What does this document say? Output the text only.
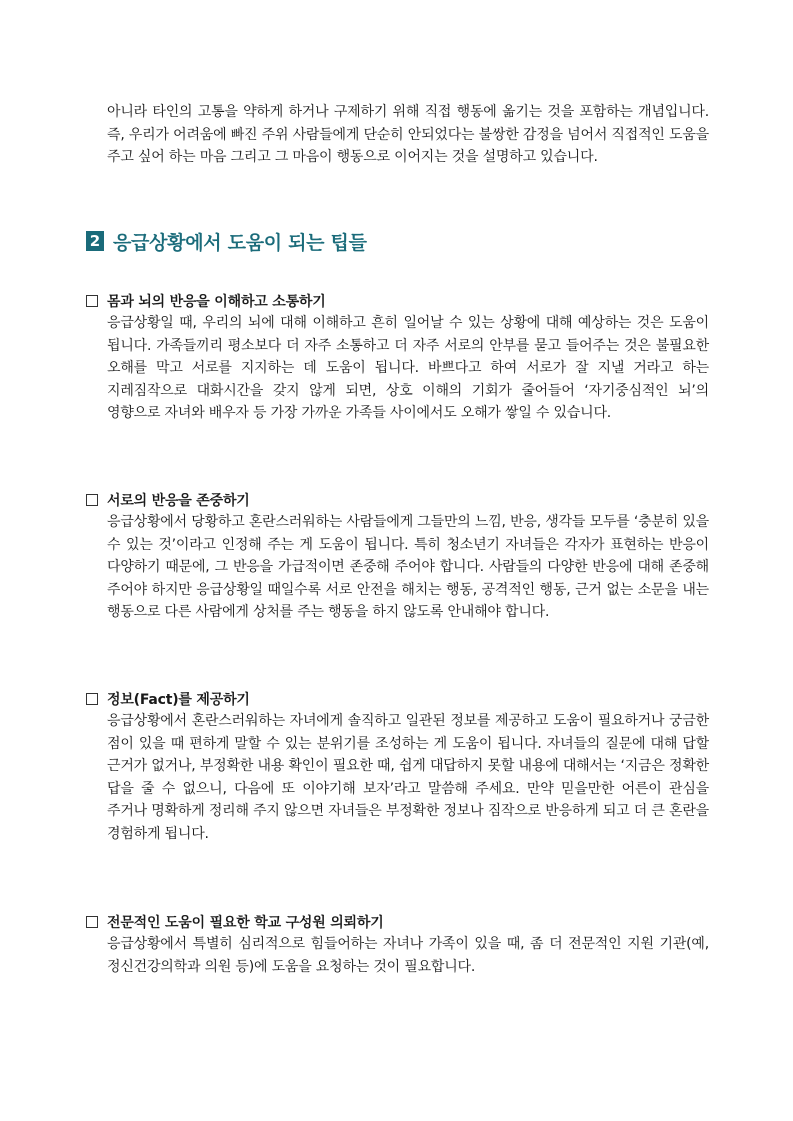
아니라 타인의 고통을 약하게 하거나 구제하기 위해 직접 행동에 옮기는 것을 포함하는 개념입니다. 즉, 우리가 어려움에 빠진 주위 사람들에게 단순히 안되었다는 불쌍한 감정을 넘어서 직접적인 도움을 주고 싶어 하는 마음 그리고 그 마음이 행동으로 이어지는 것을 설명하고 있습니다.

2 응급상황에서 도움이 되는 팁들
몸과 뇌의 반응을 이해하고 소통하기

응급상황일 때, 우리의 뇌에 대해 이해하고 흔히 일어날 수 있는 상황에 대해 예상하는 것은 도움이 됩니다. 가족들끼리 평소보다 더 자주 소통하고 더 자주 서로의 안부를 묻고 들어주는 것은 불필요한 오해를 막고 서로를 지지하는 데 도움이 됩니다. 바쁘다고 하여 서로가 잘 지낼 거라고 하는 지레짐작으로 대화시간을 갖지 않게 되면, 상호 이해의 기회가 줄어들어 ‘자기중심적인 뇌’의 영향으로 자녀와 배우자 등 가장 가까운 가족들 사이에서도 오해가 쌓일 수 있습니다.

서로의 반응을 존중하기

응급상황에서 당황하고 혼란스러워하는 사람들에게 그들만의 느낌, 반응, 생각들 모두를 ‘충분히 있을 수 있는 것’이라고 인정해 주는 게 도움이 됩니다. 특히 청소년기 자녀들은 각자가 표현하는 반응이 다양하기 때문에, 그 반응을 가급적이면 존중해 주어야 합니다. 사람들의 다양한 반응에 대해 존중해 주어야 하지만 응급상황일 때일수록 서로 안전을 해치는 행동, 공격적인 행동, 근거 없는 소문을 내는 행동으로 다른 사람에게 상처를 주는 행동을 하지 않도록 안내해야 합니다.

정보(Fact)를 제공하기

응급상황에서 혼란스러워하는 자녀에게 솔직하고 일관된 정보를 제공하고 도움이 필요하거나 궁금한 점이 있을 때 편하게 말할 수 있는 분위기를 조성하는 게 도움이 됩니다. 자녀들의 질문에 대해 답할 근거가 없거나, 부정확한 내용 확인이 필요한 때, 쉽게 대답하지 못할 내용에 대해서는 ‘지금은 정확한 답을 줄 수 없으니, 다음에 또 이야기해 보자’라고 말씀해 주세요. 만약 믿을만한 어른이 관심을 주거나 명확하게 정리해 주지 않으면 자녀들은 부정확한 정보나 짐작으로 반응하게 되고 더 큰 혼란을 경험하게 됩니다.

전문적인 도움이 필요한 학교 구성원 의뢰하기

응급상황에서 특별히 심리적으로 힘들어하는 자녀나 가족이 있을 때, 좀 더 전문적인 지원 기관(예, 정신건강의학과 의원 등)에 도움을 요청하는 것이 필요합니다.
